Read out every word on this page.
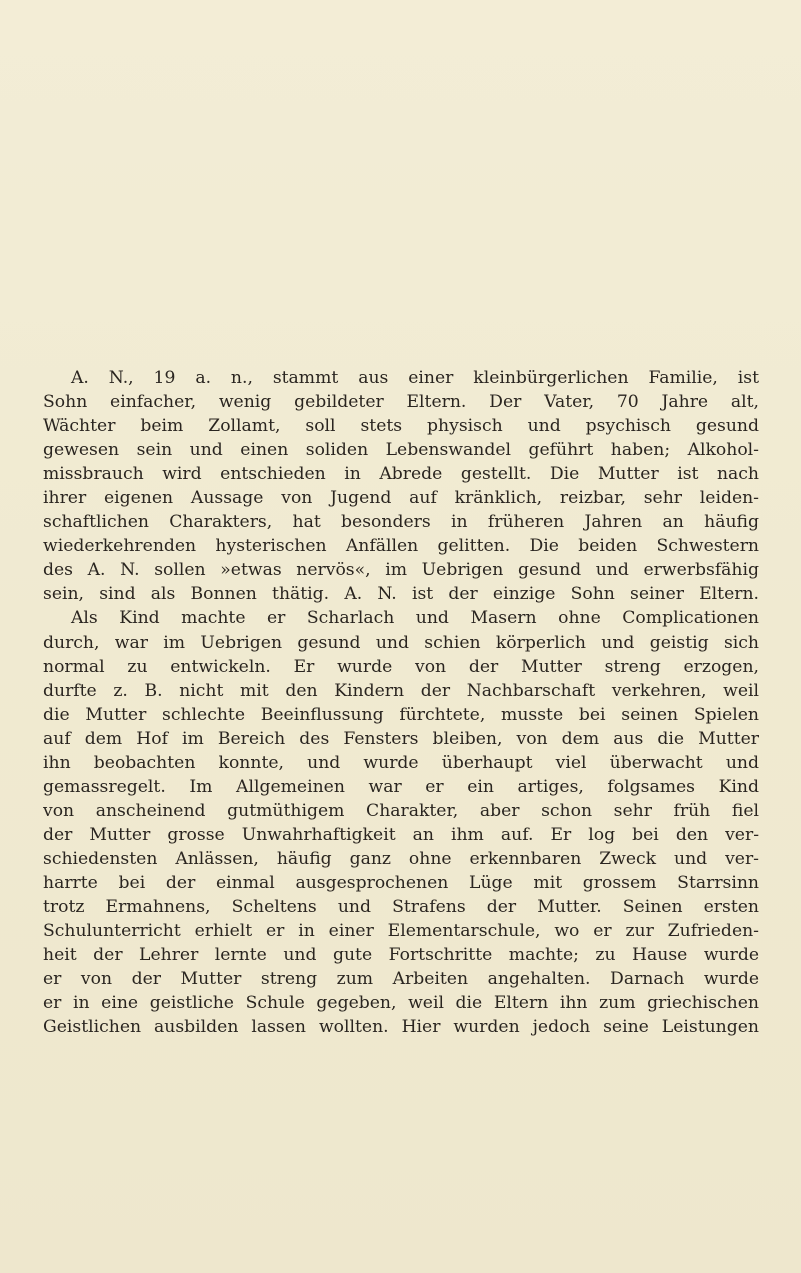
A. N., 19 a. n., stammt aus einer kleinbürgerlichen Familie, ist
Sohn einfacher, wenig gebildeter Eltern. Der Vater, 70 Jahre alt,
Wächter beim Zollamt, soll stets physisch und psychisch gesund
gewesen sein und einen soliden Lebenswandel geführt haben; Alkohol-
missbrauch wird entschieden in Abrede gestellt. Die Mutter ist nach
ihrer eigenen Aussage von Jugend auf kränklich, reizbar, sehr leiden-
schaftlichen Charakters, hat besonders in früheren Jahren an häufig
wiederkehrenden hysterischen Anfällen gelitten. Die beiden Schwestern
des A. N. sollen »etwas nervös«, im Uebrigen gesund und erwerbsfähig
sein, sind als Bonnen thätig. A. N. ist der einzige Sohn seiner Eltern.
Als Kind machte er Scharlach und Masern ohne Complicationen
durch, war im Uebrigen gesund und schien körperlich und geistig sich
normal zu entwickeln. Er wurde von der Mutter streng erzogen,
durfte z. B. nicht mit den Kindern der Nachbarschaft verkehren, weil
die Mutter schlechte Beeinflussung fürchtete, musste bei seinen Spielen
auf dem Hof im Bereich des Fensters bleiben, von dem aus die Mutter
ihn beobachten konnte, und wurde überhaupt viel überwacht und
gemassregelt. Im Allgemeinen war er ein artiges, folgsames Kind
von anscheinend gutmüthigem Charakter, aber schon sehr früh fiel
der Mutter grosse Unwahrhaftigkeit an ihm auf. Er log bei den ver-
schiedensten Anlässen, häufig ganz ohne erkennbaren Zweck und ver-
harrte bei der einmal ausgesprochenen Lüge mit grossem Starrsinn
trotz Ermahnens, Scheltens und Strafens der Mutter. Seinen ersten
Schulunterricht erhielt er in einer Elementarschule, wo er zur Zufrieden-
heit der Lehrer lernte und gute Fortschritte machte; zu Hause wurde
er von der Mutter streng zum Arbeiten angehalten. Darnach wurde
er in eine geistliche Schule gegeben, weil die Eltern ihn zum griechischen
Geistlichen ausbilden lassen wollten. Hier wurden jedoch seine Leistungen
